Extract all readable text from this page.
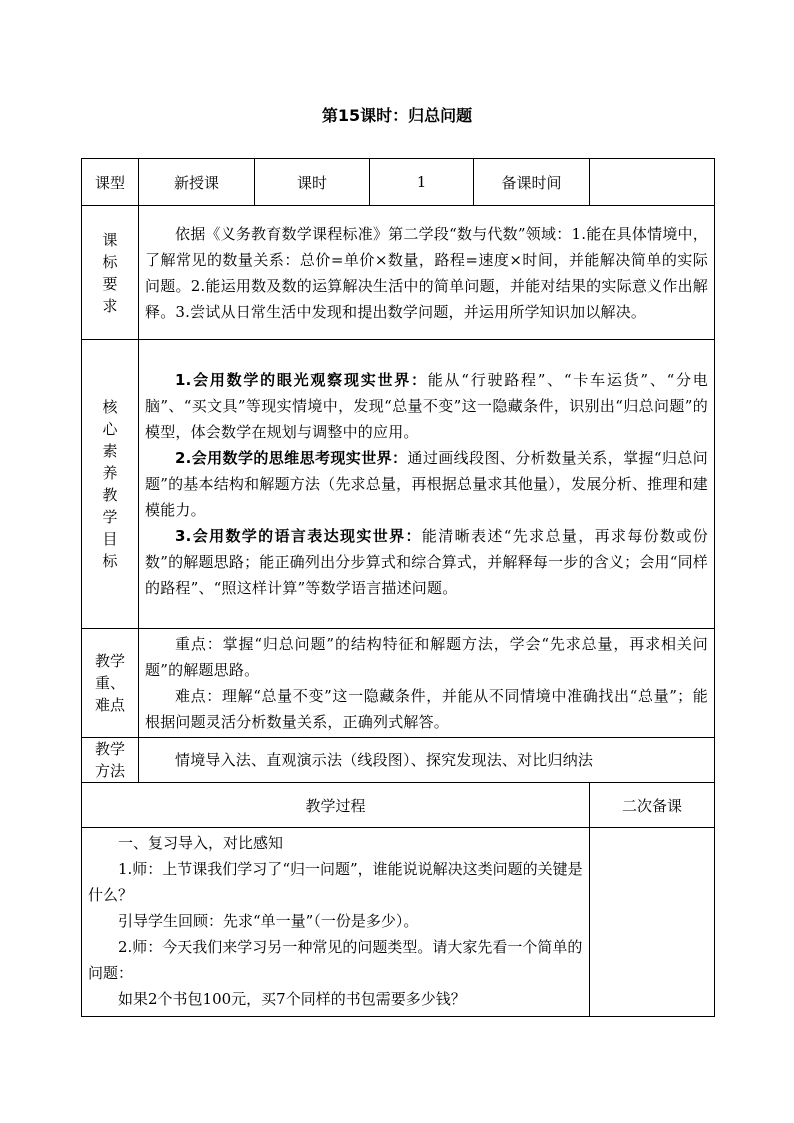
第15课时：归总问题
课型	新授课	课时	1	备课时间	
课标要求	依据《义务教育数学课程标准》第二学段“数与代数”领域：1.能在具体情境中，了解常见的数量关系：总价=单价×数量，路程=速度×时间，并能解决简单的实际问题。2.能运用数及数的运算解决生活中的简单问题，并能对结果的实际意义作出解释。3.尝试从日常生活中发现和提出数学问题，并运用所学知识加以解决。				

核心素养教学目标	1.会用数学的眼光观察现实世界：能从“行驶路程”、“卡车运货”、“分电脑”、“买文具”等现实情境中，发现“总量不变”这一隐藏条件，识别出“归总问题”的模型，体会数学在规划与调整中的应用。
2.会用数学的思维思考现实世界：通过画线段图、分析数量关系，掌握“归总问题”的基本结构和解题方法（先求总量，再根据总量求其他量），发展分析、推理和建模能力。
3.会用数学的语言表达现实世界：能清晰表述“先求总量，再求每份数或份数”的解题思路；能正确列出分步算式和综合算式，并解释每一步的含义；会用“同样的路程”、“照这样计算”等数学语言描述问题。				

教学重、难点	重点：掌握“归总问题”的结构特征和解题方法，学会“先求总量，再求相关问题”的解题思路。
难点：理解“总量不变”这一隐藏条件，并能从不同情境中准确找出“总量”；能根据问题灵活分析数量关系，正确列式解答。				

教学方法	情境导入法、直观演示法（线段图）、探究发现法、对比归纳法				

教学过程					二次备课

一、复习导入，对比感知
1.师：上节课我们学习了“归一问题”，谁能说说解决这类问题的关键是什么？
引导学生回顾：先求“单一量”（一份是多少）。
2.师：今天我们来学习另一种常见的问题类型。请大家先看一个简单的问题：
如果2个书包100元，买7个同样的书包需要多少钱？					
